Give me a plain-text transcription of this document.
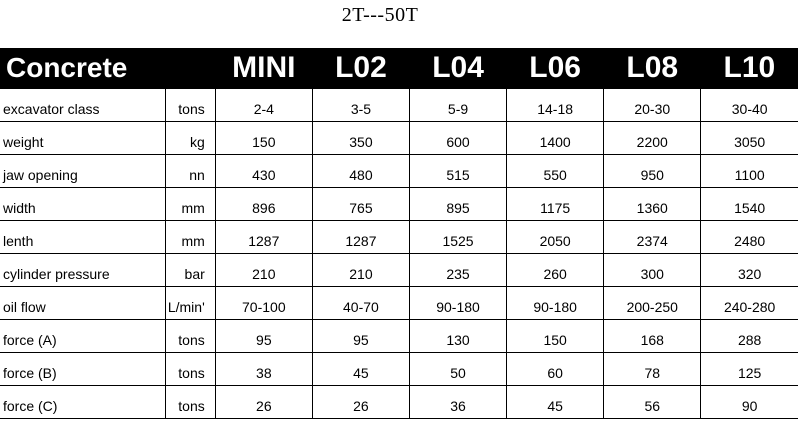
2T---50T
Concrete		MINI	L02	L04	L06	L08	L10
excavator class	tons	2-4	3-5	5-9	14-18	20-30	30-40
weight	kg	150	350	600	1400	2200	3050
jaw opening	nn	430	480	515	550	950	1100
width	mm	896	765	895	1175	1360	1540
lenth	mm	1287	1287	1525	2050	2374	2480
cylinder pressure	bar	210	210	235	260	300	320
oil flow	L/min'	70-100	40-70	90-180	90-180	200-250	240-280
force (A)	tons	95	95	130	150	168	288
force (B)	tons	38	45	50	60	78	125
force (C)	tons	26	26	36	45	56	90
